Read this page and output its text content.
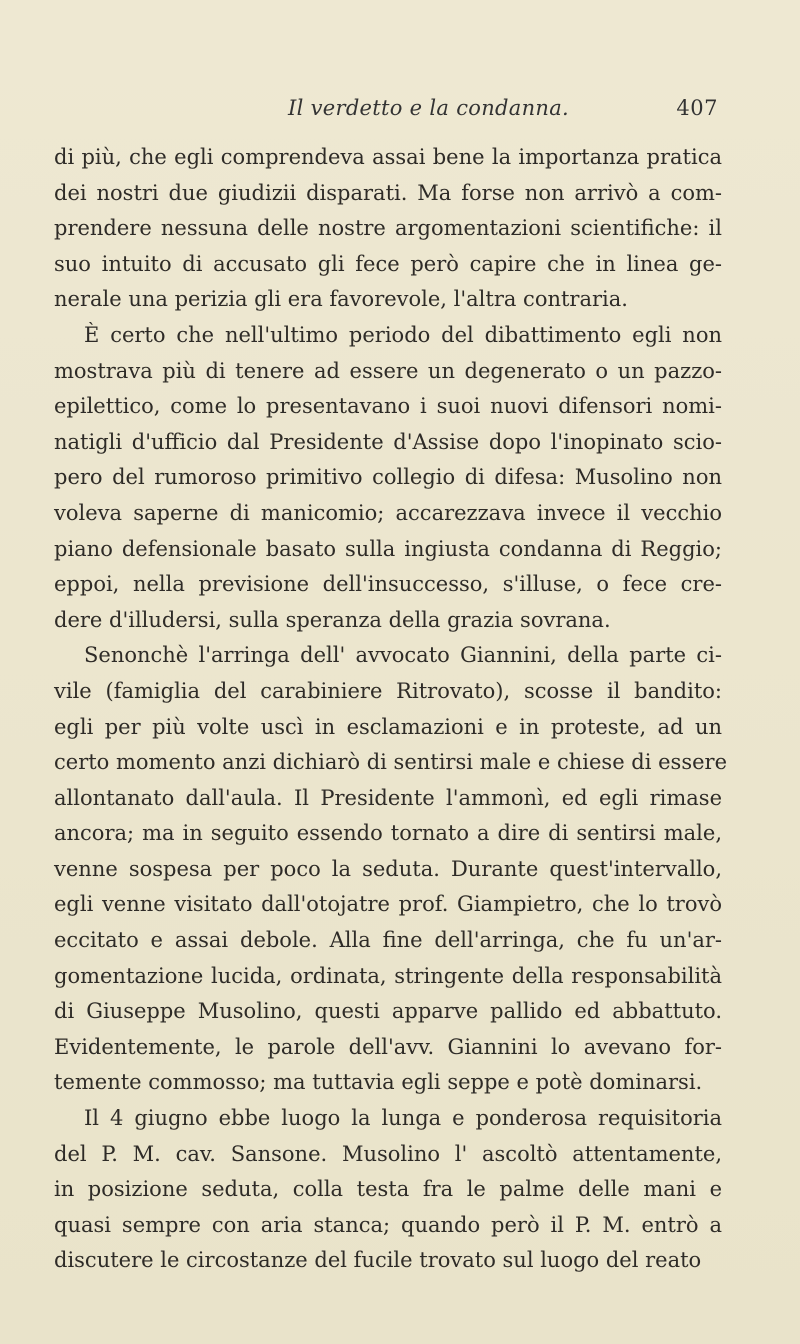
Il verdetto e la condanna.	407
di più, che egli comprendeva assai bene la importanza pratica
dei nostri due giudizii disparati. Ma forse non arrivò a com-
prendere nessuna delle nostre argomentazioni scientifiche: il
suo intuito di accusato gli fece però capire che in linea ge-
nerale una perizia gli era favorevole, l'altra contraria.
È certo che nell'ultimo periodo del dibattimento egli non
mostrava più di tenere ad essere un degenerato o un pazzo-
epilettico, come lo presentavano i suoi nuovi difensori nomi-
natigli d'ufficio dal Presidente d'Assise dopo l'inopinato scio-
pero del rumoroso primitivo collegio di difesa: Musolino non
voleva saperne di manicomio; accarezzava invece il vecchio
piano defensionale basato sulla ingiusta condanna di Reggio;
eppoi, nella previsione dell'insuccesso, s'illuse, o fece cre-
dere d'illudersi, sulla speranza della grazia sovrana.
Senonchè l'arringa dell' avvocato Giannini, della parte ci-
vile (famiglia del carabiniere Ritrovato), scosse il bandito:
egli per più volte uscì in esclamazioni e in proteste, ad un
certo momento anzi dichiarò di sentirsi male e chiese di essere
allontanato dall'aula. Il Presidente l'ammonì, ed egli rimase
ancora; ma in seguito essendo tornato a dire di sentirsi male,
venne sospesa per poco la seduta. Durante quest'intervallo,
egli venne visitato dall'otojatre prof. Giampietro, che lo trovò
eccitato e assai debole. Alla fine dell'arringa, che fu un'ar-
gomentazione lucida, ordinata, stringente della responsabilità
di Giuseppe Musolino, questi apparve pallido ed abbattuto.
Evidentemente, le parole dell'avv. Giannini lo avevano for-
temente commosso; ma tuttavia egli seppe e potè dominarsi.
Il 4 giugno ebbe luogo la lunga e ponderosa requisitoria
del P. M. cav. Sansone. Musolino l' ascoltò attentamente,
in posizione seduta, colla testa fra le palme delle mani e
quasi sempre con aria stanca; quando però il P. M. entrò a
discutere le circostanze del fucile trovato sul luogo del reato
